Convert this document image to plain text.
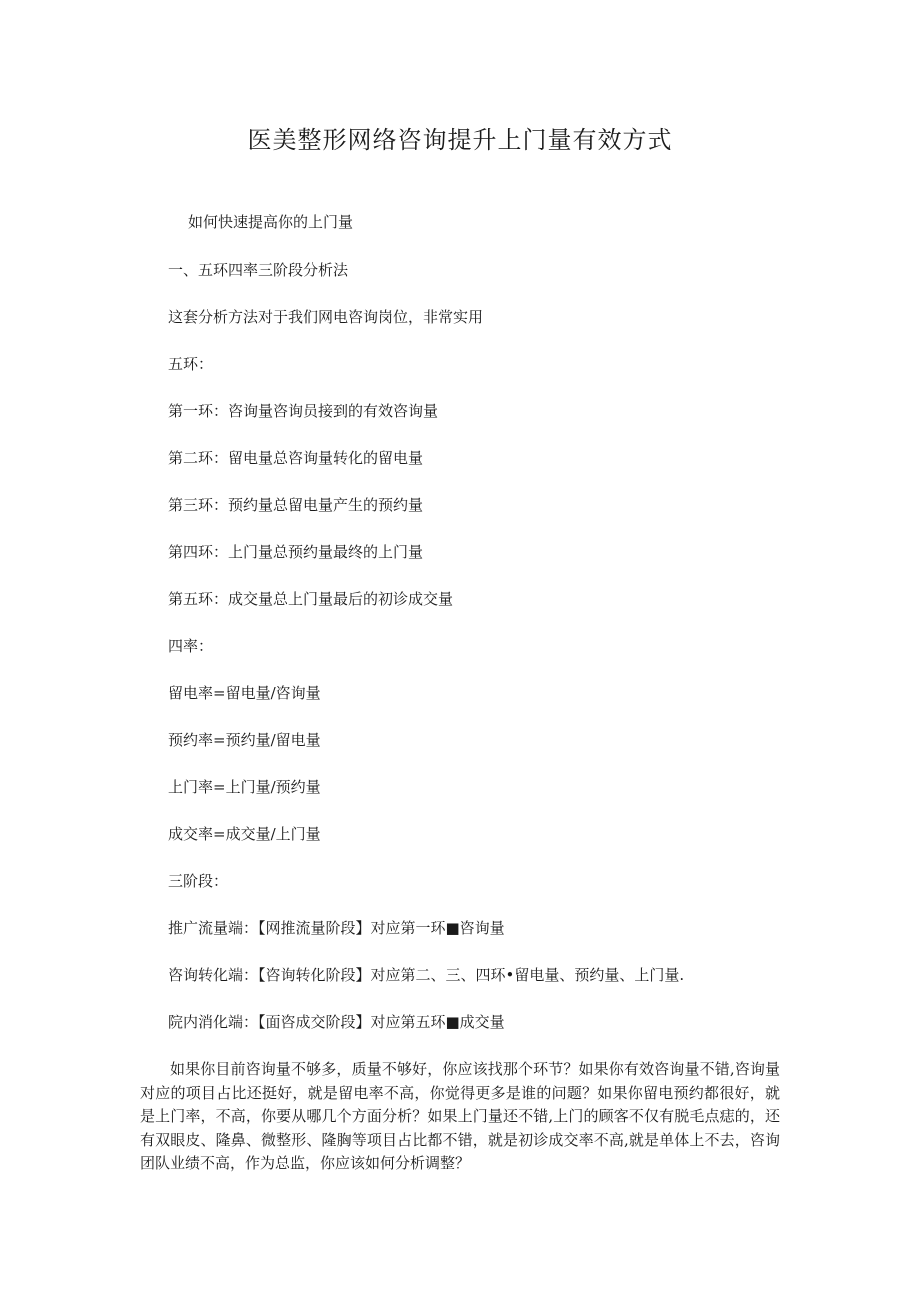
医美整形网络咨询提升上门量有效方式

如何快速提高你的上门量

一、五环四率三阶段分析法

这套分析方法对于我们网电咨询岗位，非常实用

五环：

第一环：咨询量咨询员接到的有效咨询量

第二环：留电量总咨询量转化的留电量

第三环：预约量总留电量产生的预约量

第四环：上门量总预约量最终的上门量

第五环：成交量总上门量最后的初诊成交量

四率：

留电率=留电量/咨询量

预约率=预约量/留电量

上门率=上门量/预约量

成交率=成交量/上门量

三阶段：

推广流量端：【网推流量阶段】对应第一环■咨询量

咨询转化端：【咨询转化阶段】对应第二、三、四环•留电量、预约量、上门量.

院内消化端：【面咨成交阶段】对应第五环■成交量

如果你目前咨询量不够多，质量不够好，你应该找那个环节？如果你有效咨询量不错,咨询量对应的项目占比还挺好，就是留电率不高，你觉得更多是谁的问题？如果你留电预约都很好，就是上门率，不高，你要从哪几个方面分析？如果上门量还不错,上门的顾客不仅有脱毛点痣的，还有双眼皮、隆鼻、微整形、隆胸等项目占比都不错，就是初诊成交率不高,就是单体上不去，咨询团队业绩不高，作为总监，你应该如何分析调整？
